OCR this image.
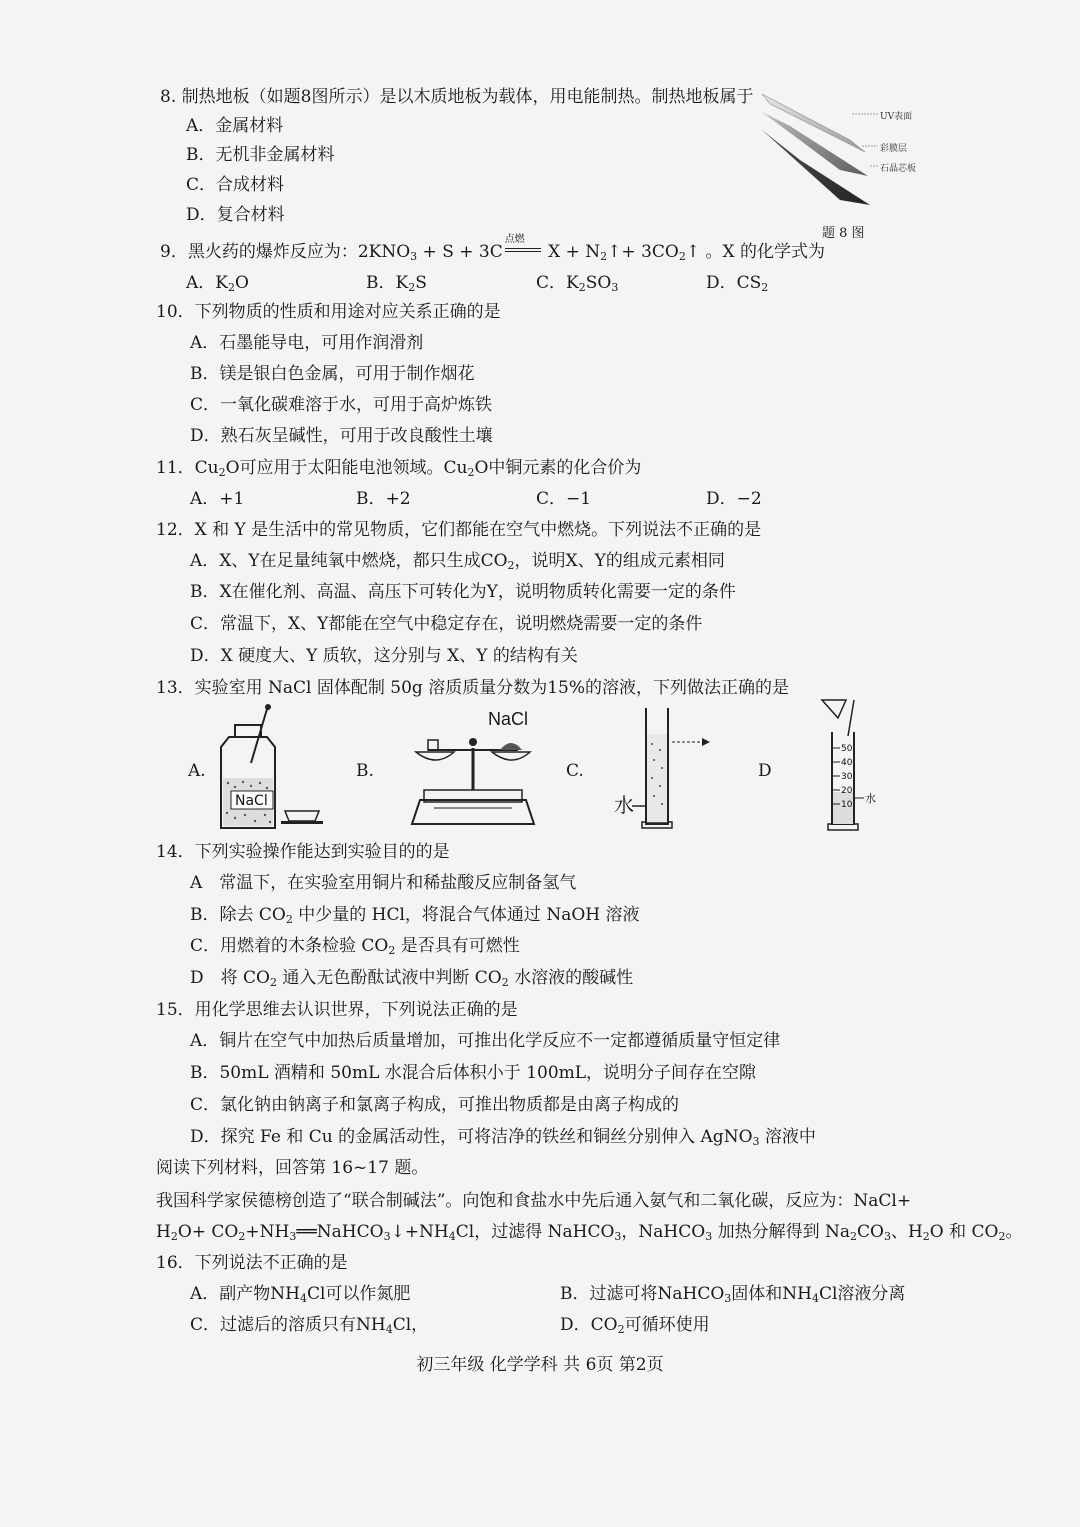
8. 制热地板（如题8图所示）是以木质地板为载体，用电能制热。制热地板属于
A．金属材料
B．无机非金属材料
C．合成材料
D．复合材料
UV表面
彩膜层
石晶芯板
题 8 图
9．黑火药的爆炸反应为：$2KNO_3 + S + 3C$
点燃
$X + N_2↑+$ $3CO_2↑$ 。X 的化学式为
A．$K_2O$	B．$K_2S$	C．$K_2SO_3$	D．$CS_2$
10．下列物质的性质和用途对应关系正确的是
A．石墨能导电，可用作润滑剂
B．镁是银白色金属，可用于制作烟花
C．一氧化碳难溶于水，可用于高炉炼铁
D．熟石灰呈碱性，可用于改良酸性土壤
11．$Cu_2O$可应用于太阳能电池领域。$Cu_2O$中铜元素的化合价为
A．+1	B．+2	C．−1	D．−2
12．X 和 Y 是生活中的常见物质，它们都能在空气中燃烧。下列说法不正确的是
A．X、Y在足量纯氧中燃烧，都只生成$CO_2$，说明X、Y的组成元素相同
B．X在催化剂、高温、高压下可转化为Y，说明物质转化需要一定的条件
C．常温下，X、Y都能在空气中稳定存在，说明燃烧需要一定的条件
D．X 硬度大、Y 质软，这分别与 X、Y 的结构有关
13．实验室用 NaCl 固体配制 50g 溶质质量分数为15%的溶液，下列做法正确的是
A.
NaCl
B.
NaCl
C.
水
D
50
40
30
20
10 水
14．下列实验操作能达到实验目的的是
A　常温下，在实验室用铜片和稀盐酸反应制备氢气
B．除去 $CO_2$ 中少量的 HCl，将混合气体通过 NaOH 溶液
C．用燃着的木条检验 $CO_2$ 是否具有可燃性
D　将 $CO_2$ 通入无色酚酞试液中判断 $CO_2$ 水溶液的酸碱性
15．用化学思维去认识世界，下列说法正确的是
A．铜片在空气中加热后质量增加，可推出化学反应不一定都遵循质量守恒定律
B．50mL 酒精和 50mL 水混合后体积小于 100mL，说明分子间存在空隙
C．氯化钠由钠离子和氯离子构成，可推出物质都是由离子构成的
D．探究 Fe 和 Cu 的金属活动性，可将洁净的铁丝和铜丝分别伸入 AgNO$_3$ 溶液中
阅读下列材料，回答第 16~17 题。
我国科学家侯德榜创造了“联合制碱法”。向饱和食盐水中先后通入氨气和二氧化碳，反应为：NaCl+
$H_2O+$ $CO_2+NH_3══NaHCO_3↓+NH_4Cl$，过滤得 NaHCO$_3$，NaHCO$_3$ 加热分解得到 $Na_2CO_3$、$H_2O$ 和 $CO_2$。
16．下列说法不正确的是
A．副产物$NH_4Cl$可以作氮肥	B．过滤可将NaHCO$_3$固体和$NH_4Cl$溶液分离
C．过滤后的溶质只有$NH_4Cl$，	D．$CO_2$可循环使用
初三年级 化学学科 共 6页 第2页
